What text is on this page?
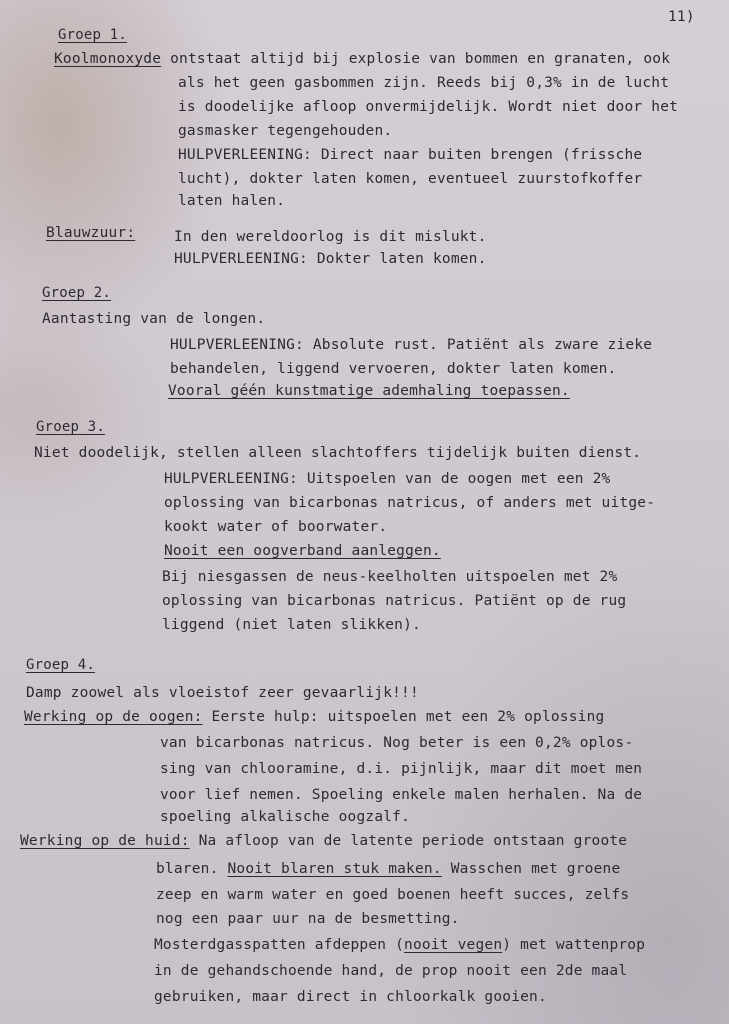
11)
Groep 1.
Koolmonoxyde ontstaat altijd bij explosie van bommen en granaten, ook
als het geen gasbommen zijn. Reeds bij 0,3% in de lucht
is doodelijke afloop onvermijdelijk. Wordt niet door het
gasmasker tegengehouden.
HULPVERLEENING: Direct naar buiten brengen (frissche
lucht), dokter laten komen, eventueel zuurstofkoffer
laten halen.
Blauwzuur:	In den wereldoorlog is dit mislukt.
HULPVERLEENING: Dokter laten komen.
Groep 2.
Aantasting van de longen.
HULPVERLEENING: Absolute rust. Patiënt als zware zieke
behandelen, liggend vervoeren, dokter laten komen.
Vooral géén kunstmatige ademhaling toepassen.
Groep 3.
Niet doodelijk, stellen alleen slachtoffers tijdelijk buiten dienst.
HULPVERLEENING: Uitspoelen van de oogen met een 2%
oplossing van bicarbonas natricus, of anders met uitge-
kookt water of boorwater.
Nooit een oogverband aanleggen.
Bij niesgassen de neus-keelholten uitspoelen met 2%
oplossing van bicarbonas natricus. Patiënt op de rug
liggend (niet laten slikken).
Groep 4.
Damp zoowel als vloeistof zeer gevaarlijk!!!
Werking op de oogen: Eerste hulp: uitspoelen met een 2% oplossing
van bicarbonas natricus. Nog beter is een 0,2% oplos-
sing van chlooramine, d.i. pijnlijk, maar dit moet men
voor lief nemen. Spoeling enkele malen herhalen. Na de
spoeling alkalische oogzalf.
Werking op de huid: Na afloop van de latente periode ontstaan groote
blaren. Nooit blaren stuk maken. Wasschen met groene
zeep en warm water en goed boenen heeft succes, zelfs
nog een paar uur na de besmetting.
Mosterdgasspatten afdeppen (nooit vegen) met wattenprop
in de gehandschoende hand, de prop nooit een 2de maal
gebruiken, maar direct in chloorkalk gooien.
